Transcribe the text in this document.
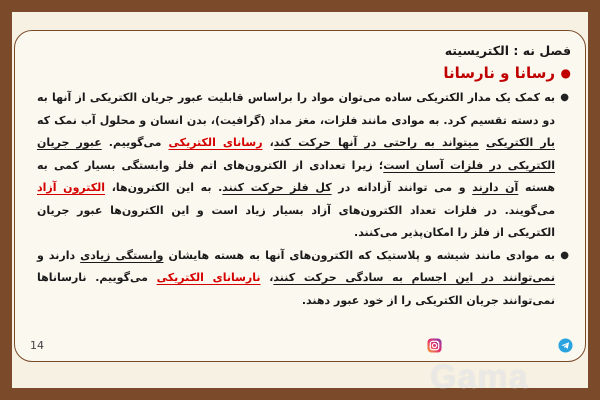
فصل نه : الکتریسیته
●
رسانا و نارسانا
●
به کمک یک مدار الکتریکی ساده می‌توان مواد را براساس قابلیت عبور جریان الکتریکی از آنها به دو دسته تقسیم کرد. به موادی مانند فلزات، مغز مداد (گرافیت)، بدن انسان و محلول آب نمک که بار الکتریکی میتواند به راحتی در آنها حرکت کند، رسانای الکتریکی می‌گوییم. عبور جریان الکتریکی در فلزات آسان است؛ زیرا تعدادی از الکترون‌های اتم فلز وابستگی بسیار کمی به هسته آن دارند و می توانند آزادانه در کل فلز حرکت کنند. به این الکترون‌ها، الکترون آزاد می‌گویند. در فلزات تعداد الکترون‌های آزاد بسیار زیاد است و این الکترون‌ها عبور جریان الکتریکی از فلز را امکان‌پذیر می‌کنند.
●
به موادی مانند شیشه و پلاستیک که الکترون‌های آنها به هسته هایشان وابستگی زیادی دارند و نمی‌توانند در این اجسام به سادگی حرکت کنند، نارسانای الکتریکی می‌گوییم. نارساناها نمی‌توانند جریان الکتریکی را از خود عبور دهند.
14
Gama
